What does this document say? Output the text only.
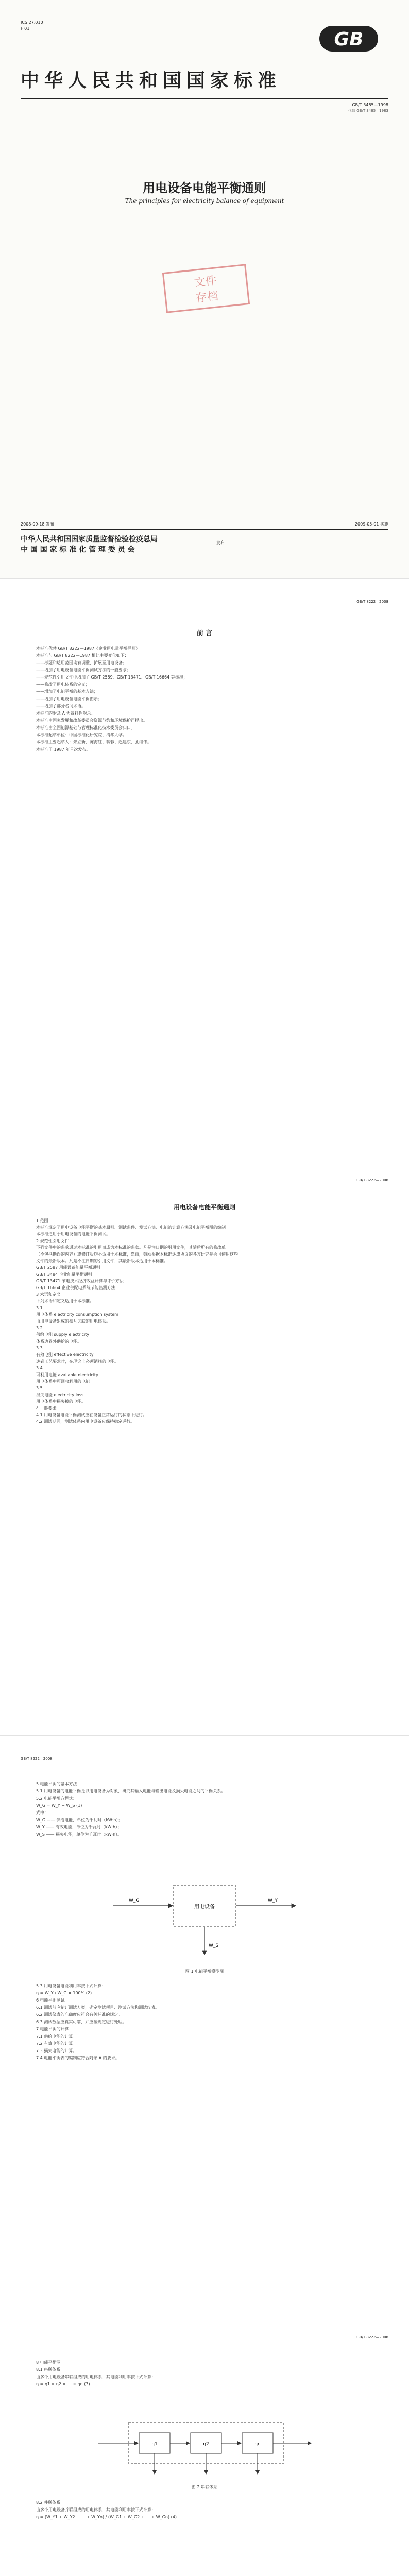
ICS 27.010
F 01
GB
中华人民共和国国家标准
GB/T 3485—1998
代替 GB/T 3485—1983
用电设备电能平衡通则
The principles for electricity balance of equipment
文件
存档
2008-09-18 发布	2009-05-01 实施
中华人民共和国国家质量监督检验检疫总局
中 国 国 家 标 准 化 管 理 委 员 会
发布
GB/T 8222—2008
前 言
本标准代替 GB/T 8222—1987《企业用电量平衡导则》。
本标准与 GB/T 8222—1987 相比主要变化如下：
——标题和适用范围均有调整，扩展至用电设备；
——增加了用电设备电能平衡测试方法的一般要求；
——规范性引用文件中增加了 GB/T 2589、GB/T 13471、GB/T 16664 等标准；
——修改了用电体系的定义；
——增加了电能平衡的基本方法；
——增加了用电设备电能平衡图示；
——增加了部分名词术语。
本标准的附录 A 为资料性附录。
本标准由国家发展和改革委员会资源节约和环境保护司提出。
本标准由全国能源基础与管理标准化技术委员会归口。
本标准起草单位：中国标准化研究院、清华大学。
本标准主要起草人：朱立新、陈海红、蒋蓉、赵建东、孔继伟。
本标准于 1987 年首次发布。
GB/T 8222—2008
用电设备电能平衡通则
1 范围
本标准规定了用电设备电能平衡的基本原则、测试条件、测试方法、电能的计算方法及电能平衡图的编制。
本标准适用于用电设备的电能平衡测试。
2 规范性引用文件
下列文件中的条款通过本标准的引用而成为本标准的条款。凡是注日期的引用文件，其随后所有的修改单
（不包括勘误的内容）或修订版均不适用于本标准，然而，鼓励根据本标准达成协议的各方研究是否可使用这些
文件的最新版本。凡是不注日期的引用文件，其最新版本适用于本标准。
GB/T 2587 用能设备能量平衡通则
GB/T 3484 企业能量平衡通则
GB/T 13471 节电技术经济效益计算与评价方法
GB/T 16664 企业供配电系统节能监测方法
3 术语和定义
下列术语和定义适用于本标准。
3.1
用电体系 electricity consumption system
由用电设备组成的相互关联的用电体系。
3.2
供给电能 supply electricity
体系边界外供给的电能。
3.3
有效电能 effective electricity
达到工艺要求时，在理论上必须消耗的电能。
3.4
可利用电能 available electricity
用电体系中可回收利用的电能。
3.5
损失电能 electricity loss
用电体系中损失掉的电能。
4 一般要求
4.1 用电设备电能平衡测试应在设备正常运行的状态下进行。
4.2 测试期间，测试体系内用电设备应保持稳定运行。
GB/T 8222—2008
5 电能平衡的基本方法
5.1 用电设备的电能平衡是以用电设备为对象，研究其输入电能与输出电能及损失电能之间的平衡关系。
5.2 电能平衡方程式：
W_G = W_Y + W_S (1)
式中：
W_G —— 供给电能，单位为千瓦时（kW·h）；
W_Y —— 有效电能，单位为千瓦时（kW·h）；
W_S —— 损失电能，单位为千瓦时（kW·h）。
用电设备
W_G	W_Y
W_S
图 1 电能平衡模型图
5.3 用电设备电能利用率按下式计算：
η = W_Y / W_G × 100% (2)
6 电能平衡测试
6.1 测试前应制订测试方案，确定测试项目、测试方法和测试仪表。
6.2 测试仪表的准确度应符合有关标准的规定。
6.3 测试数据应真实可靠，并应按规定进行处理。
7 电能平衡的计算
7.1 供给电能的计算。
7.2 有效电能的计算。
7.3 损失电能的计算。
7.4 电能平衡表的编制应符合附录 A 的要求。
GB/T 8222—2008
8 电能平衡图
8.1 串联体系
由多个用电设备串联组成的用电体系，其电能利用率按下式计算：
η = η1 × η2 × … × ηn (3)
η1	η2	ηn
图 2 串联体系
8.2 并联体系
由多个用电设备并联组成的用电体系，其电能利用率按下式计算：
η = (W_Y1 + W_Y2 + … + W_Yn) / (W_G1 + W_G2 + … + W_Gn) (4)
